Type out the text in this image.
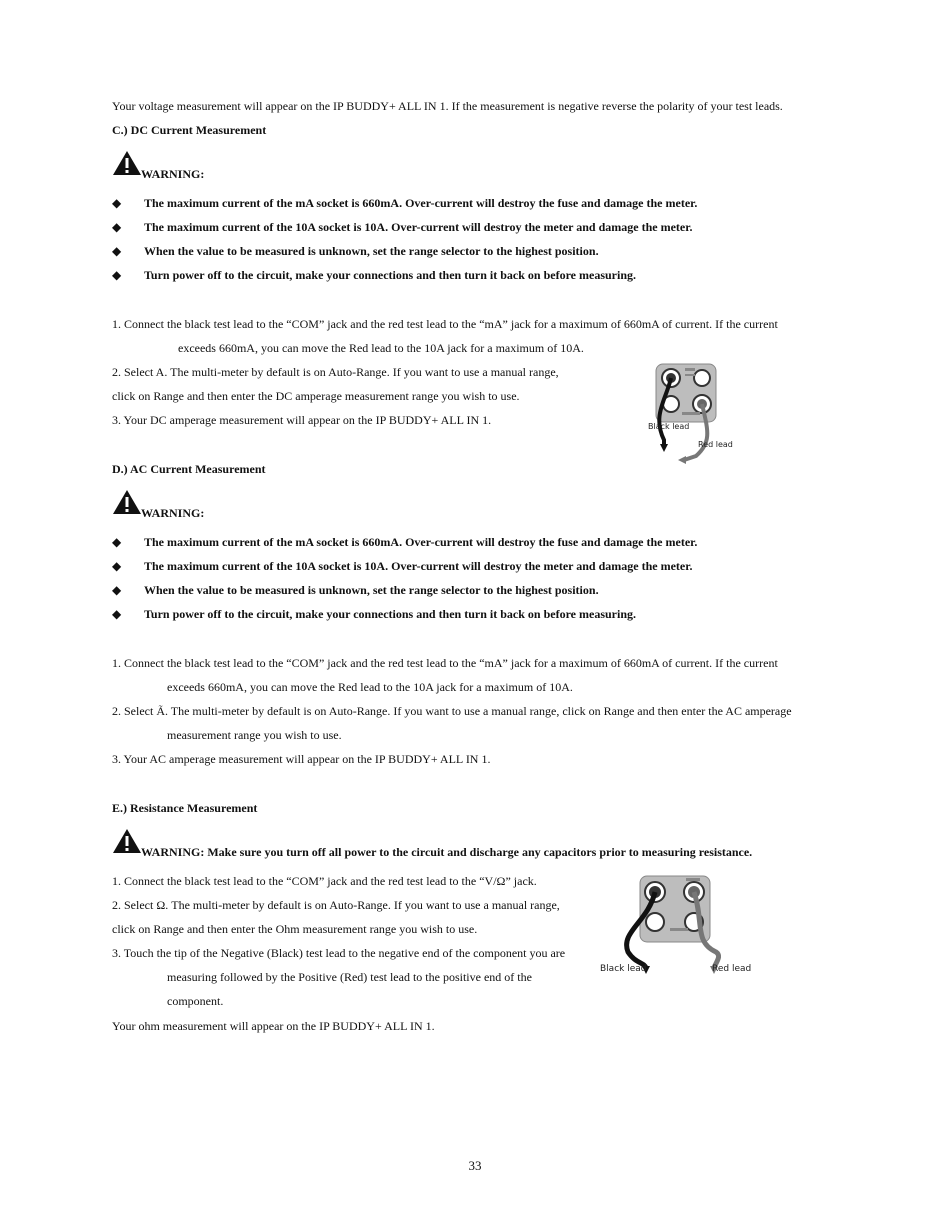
Your voltage measurement will appear on the IP BUDDY+ ALL IN 1. If the measurement is negative reverse the polarity of your test leads.
C.) DC Current Measurement
WARNING:
◆ The maximum current of the mA socket is 660mA. Over-current will destroy the fuse and damage the meter.
◆ The maximum current of the 10A socket is 10A. Over-current will destroy the meter and damage the meter.
◆ When the value to be measured is unknown, set the range selector to the highest position.
◆ Turn power off to the circuit, make your connections and then turn it back on before measuring.
1. Connect the black test lead to the “COM” jack and the red test lead to the “mA” jack for a maximum of 660mA of current. If the current
exceeds 660mA, you can move the Red lead to the 10A jack for a maximum of 10A.
2. Select A. The multi-meter by default is on Auto-Range. If you want to use a manual range,
click on Range and then enter the DC amperage measurement range you wish to use.
3. Your DC amperage measurement will appear on the IP BUDDY+ ALL IN 1.	Black lead
Red lead
D.) AC Current Measurement
WARNING:
◆ The maximum current of the mA socket is 660mA. Over-current will destroy the fuse and damage the meter.
◆ The maximum current of the 10A socket is 10A. Over-current will destroy the meter and damage the meter.
◆ When the value to be measured is unknown, set the range selector to the highest position.
◆ Turn power off to the circuit, make your connections and then turn it back on before measuring.
1. Connect the black test lead to the “COM” jack and the red test lead to the “mA” jack for a maximum of 660mA of current. If the current
exceeds 660mA, you can move the Red lead to the 10A jack for a maximum of 10A.
2. Select Ã. The multi-meter by default is on Auto-Range. If you want to use a manual range, click on Range and then enter the AC amperage
measurement range you wish to use.
3. Your AC amperage measurement will appear on the IP BUDDY+ ALL IN 1.
E.) Resistance Measurement
WARNING: Make sure you turn off all power to the circuit and discharge any capacitors prior to measuring resistance.
1. Connect the black test lead to the “COM” jack and the red test lead to the “V/Ω” jack.
2. Select Ω. The multi-meter by default is on Auto-Range. If you want to use a manual range,
click on Range and then enter the Ohm measurement range you wish to use.
3. Touch the tip of the Negative (Black) test lead to the negative end of the component you are
measuring followed by the Positive (Red) test lead to the positive end of the
component.
Your ohm measurement will appear on the IP BUDDY+ ALL IN 1.
Black lead	Red lead
33
